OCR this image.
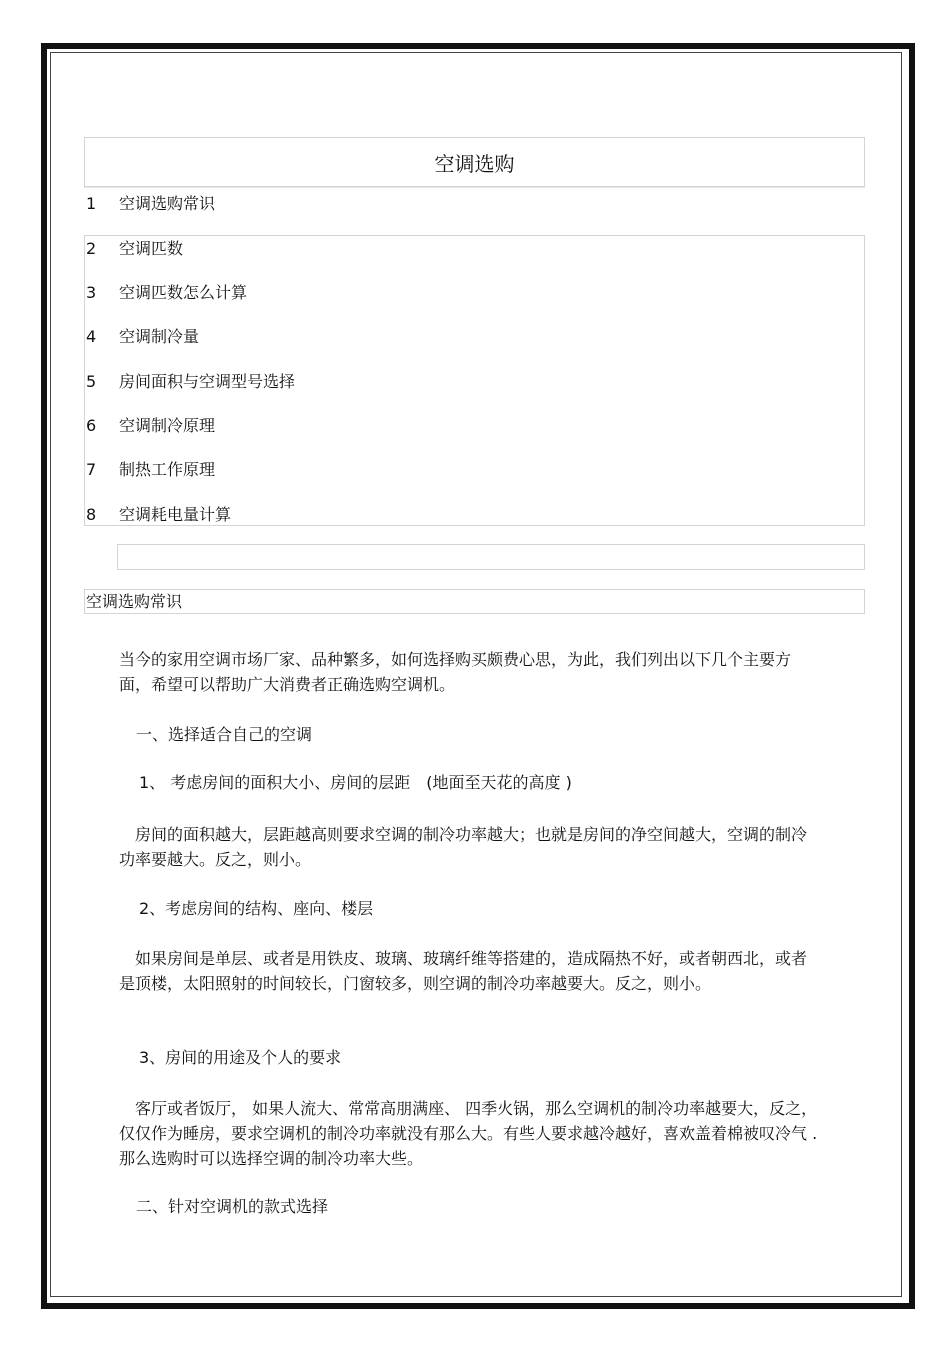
空调选购
1 空调选购常识
2 空调匹数
3 空调匹数怎么计算
4 空调制冷量
5 房间面积与空调型号选择
6 空调制冷原理
7 制热工作原理
8 空调耗电量计算
空调选购常识

当今的家用空调市场厂家、品种繁多，如何选择购买颇费心思，为此，我们列出以下几个主要方面，希望可以帮助广大消费者正确选购空调机。

一、选择适合自己的空调
1、 考虑房间的面积大小、房间的层距　(地面至天花的高度 )

　房间的面积越大，层距越高则要求空调的制冷功率越大；也就是房间的净空间越大，空调的制冷功率要越大。反之，则小。

2、考虑房间的结构、座向、楼层

　如果房间是单层、或者是用铁皮、玻璃、玻璃纤维等搭建的，造成隔热不好，或者朝西北，或者是顶楼，太阳照射的时间较长，门窗较多，则空调的制冷功率越要大。反之，则小。

3、房间的用途及个人的要求

　客厅或者饭厅， 如果人流大、常常高朋满座、 四季火锅，那么空调机的制冷功率越要大，反之，仅仅作为睡房，要求空调机的制冷功率就没有那么大。有些人要求越冷越好，喜欢盖着棉被叹冷气 .那么选购时可以选择空调的制冷功率大些。

二、针对空调机的款式选择
